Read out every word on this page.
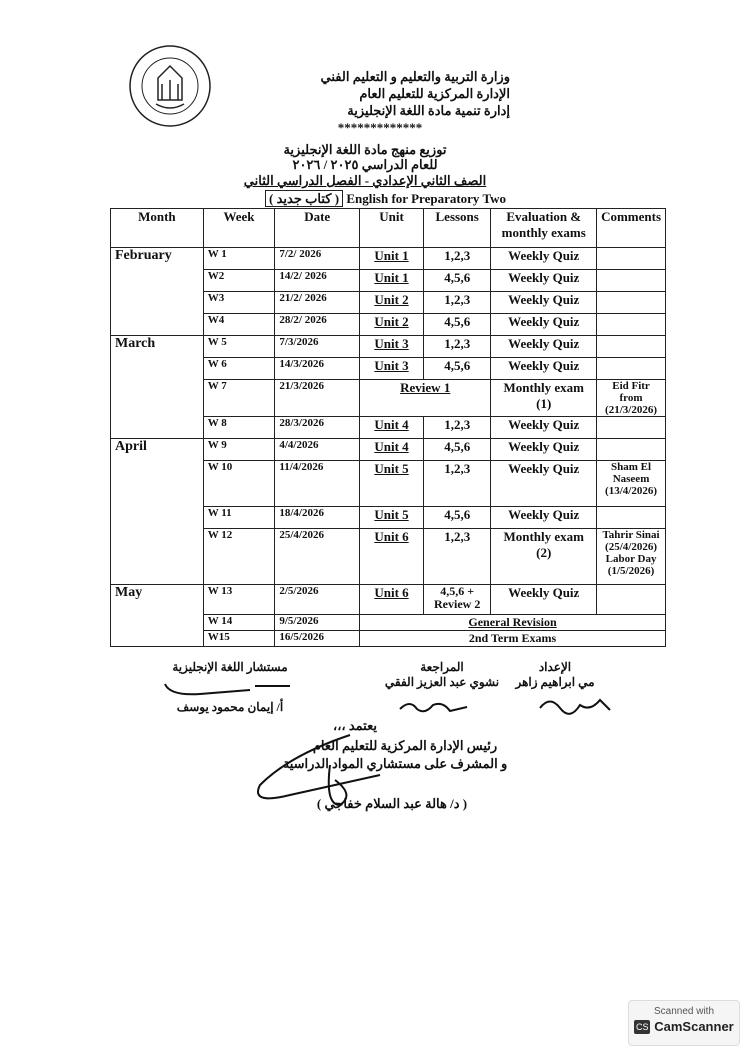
وزارة التربية والتعليم و التعليم الفني
الإدارة المركزية للتعليم العام
إدارة تنمية مادة اللغة الإنجليزية
*************
توزيع منهج مادة اللغة الإنجليزية
للعام الدراسي ٢٠٢٥ / ٢٠٢٦
الصف الثاني الإعدادي - الفصل الدراسي الثاني
( كتاب جديد ) English for Preparatory Two
Month	Week	Date	Unit	Lessons	Evaluation & monthly exams	Comments
February	W 1	7/2/ 2026	Unit 1	1,2,3	Weekly Quiz	
	W2	14/2/ 2026	Unit 1	4,5,6	Weekly Quiz	
	W3	21/2/ 2026	Unit 2	1,2,3	Weekly Quiz	
	W4	28/2/ 2026	Unit 2	4,5,6	Weekly Quiz	
March	W 5	7/3/2026	Unit 3	1,2,3	Weekly Quiz	
	W 6	14/3/2026	Unit 3	4,5,6	Weekly Quiz	
	W 7	21/3/2026	Review 1		Monthly exam (1)	Eid Fitr from (21/3/2026)
	W 8	28/3/2026	Unit 4	1,2,3	Weekly Quiz	
April	W 9	4/4/2026	Unit 4	4,5,6	Weekly Quiz	
	W 10	11/4/2026	Unit 5	1,2,3	Weekly Quiz	Sham El Naseem (13/4/2026)
	W 11	18/4/2026	Unit 5	4,5,6	Weekly Quiz	
	W 12	25/4/2026	Unit 6	1,2,3	Monthly exam (2)	Tahrir Sinai (25/4/2026) Labor Day (1/5/2026)
May	W 13	2/5/2026	Unit 6	4,5,6 + Review 2	Weekly Quiz	
	W 14	9/5/2026	General Revision			
	W15	16/5/2026	2nd Term Exams			
الإعداد
مي ابراهيم زاهر
المراجعة
نشوي عبد العزيز الفقي
مستشار اللغة الإنجليزية
أ/ إيمان محمود يوسف
يعتمد ،،،
رئيس الإدارة المركزية للتعليم العام
و المشرف على مستشاري المواد الدراسية
( د/ هالة عبد السلام خفاجي )
Scanned with
CS CamScanner
